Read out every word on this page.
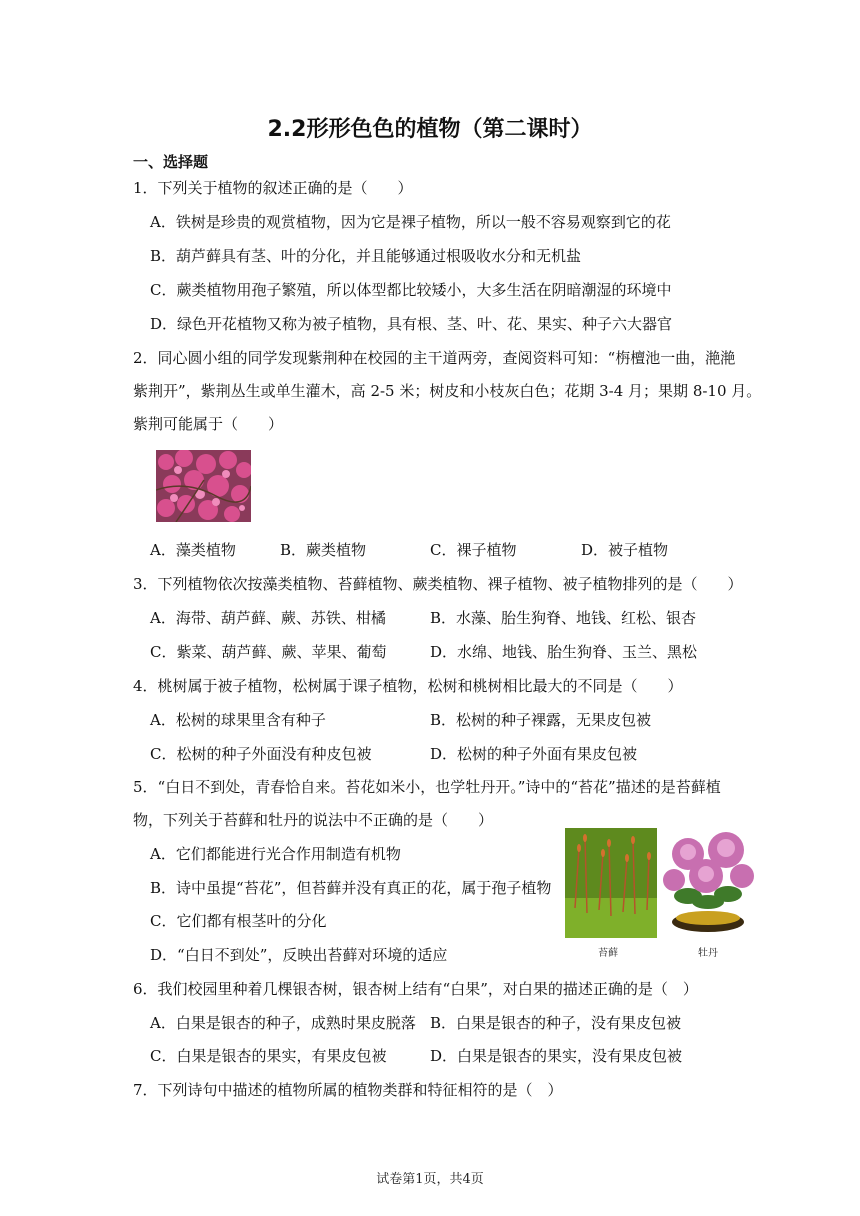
2.2形形色色的植物（第二课时）
一、选择题
1．下列关于植物的叙述正确的是（　　）
A．铁树是珍贵的观赏植物，因为它是裸子植物，所以一般不容易观察到它的花
B．葫芦藓具有茎、叶的分化，并且能够通过根吸收水分和无机盐
C．蕨类植物用孢子繁殖，所以体型都比较矮小，大多生活在阴暗潮湿的环境中
D．绿色开花植物又称为被子植物，具有根、茎、叶、花、果实、种子六大器官
2．同心圆小组的同学发现紫荆种在校园的主干道两旁，查阅资料可知：“栴檀池一曲，滟滟
紫荆开”，紫荆丛生或单生灌木，高 2-5 米；树皮和小枝灰白色；花期 3-4 月；果期 8-10 月。
紫荆可能属于（　　）
A．藻类植物	B．蕨类植物	C．裸子植物	D．被子植物
3．下列植物依次按藻类植物、苔藓植物、蕨类植物、裸子植物、被子植物排列的是（　　）
A．海带、葫芦藓、蕨、苏铁、柑橘	B．水藻、胎生狗脊、地钱、红松、银杏
C．紫菜、葫芦藓、蕨、苹果、葡萄	D．水绵、地钱、胎生狗脊、玉兰、黑松
4．桃树属于被子植物，松树属于课子植物，松树和桃树相比最大的不同是（　　）
A．松树的球果里含有种子	B．松树的种子裸露，无果皮包被
C．松树的种子外面没有种皮包被	D．松树的种子外面有果皮包被
5．“白日不到处，青春恰自来。苔花如米小，也学牡丹开。”诗中的“苔花”描述的是苔藓植
物，下列关于苔藓和牡丹的说法中不正确的是（　　）
A．它们都能进行光合作用制造有机物
B．诗中虽提“苔花”，但苔藓并没有真正的花，属于孢子植物
C．它们都有根茎叶的分化
D．“白日不到处”，反映出苔藓对环境的适应	苔藓	牡丹
6．我们校园里种着几棵银杏树，银杏树上结有“白果”，对白果的描述正确的是（　）
A．白果是银杏的种子，成熟时果皮脱落 B．白果是银杏的种子，没有果皮包被
C．白果是银杏的果实，有果皮包被	D．白果是银杏的果实，没有果皮包被
7．下列诗句中描述的植物所属的植物类群和特征相符的是（　）
试卷第1页，共4页
